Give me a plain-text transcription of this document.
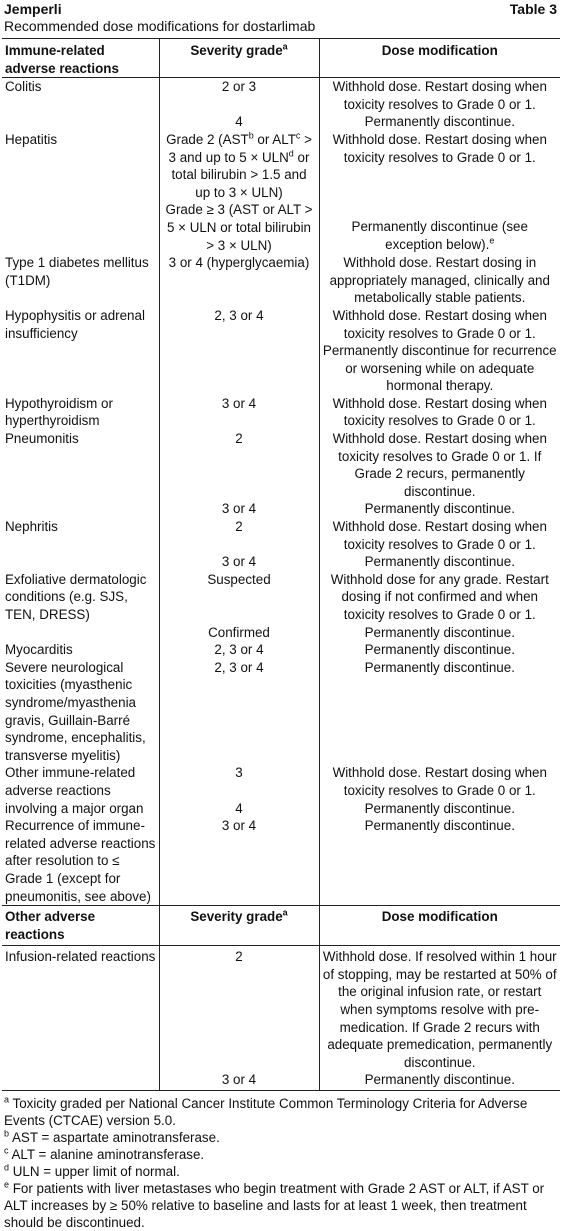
Jemperli	Table 3
Recommended dose modifications for dostarlimab
Immune-related adverse reactions	Severity grade$^a$	Dose modification
Colitis	2 or 3	Withhold dose. Restart dosing when toxicity resolves to Grade 0 or 1.
	4	Permanently discontinue.
Hepatitis	Grade 2 (AST$^b$ or $ALT^c > 3$ and up to $5 \times ULN^d$ or total bilirubin > 1.5 and up to 3 × ULN)	Withhold dose. Restart dosing when toxicity resolves to Grade 0 or 1.
	Grade ≥ 3 (AST or ALT > 5 × ULN or total bilirubin > 3 × ULN)	Permanently discontinue (see exception below).$^e$
Type 1 diabetes mellitus (T1DM)	3 or 4 (hyperglycaemia)	Withhold dose. Restart dosing in appropriately managed, clinically and metabolically stable patients.
Hypophysitis or adrenal insufficiency	2, 3 or 4	Withhold dose. Restart dosing when toxicity resolves to Grade 0 or 1. Permanently discontinue for recurrence or worsening while on adequate hormonal therapy.
Hypothyroidism or hyperthyroidism	3 or 4	Withhold dose. Restart dosing when toxicity resolves to Grade 0 or 1.
Pneumonitis	2	Withhold dose. Restart dosing when toxicity resolves to Grade 0 or 1. If Grade 2 recurs, permanently discontinue.
	3 or 4	Permanently discontinue.
Nephritis	2	Withhold dose. Restart dosing when toxicity resolves to Grade 0 or 1.
	3 or 4	Permanently discontinue.
Exfoliative dermatologic conditions (e.g. SJS, TEN, DRESS)	Suspected	Withhold dose for any grade. Restart dosing if not confirmed and when toxicity resolves to Grade 0 or 1.
	Confirmed	Permanently discontinue.
Myocarditis	2, 3 or 4	Permanently discontinue.
Severe neurological toxicities (myasthenic syndrome/myasthenia gravis, Guillain-Barré syndrome, encephalitis, transverse myelitis)	2, 3 or 4	Permanently discontinue.
Other immune-related adverse reactions involving a major organ	3	Withhold dose. Restart dosing when toxicity resolves to Grade 0 or 1.
	4	Permanently discontinue.
Recurrence of immune-related adverse reactions after resolution to ≤ Grade 1 (except for pneumonitis, see above)	3 or 4	Permanently discontinue.
Other adverse reactions	Severity grade$^a$	Dose modification
Infusion-related reactions	2	Withhold dose. If resolved within 1 hour of stopping, may be restarted at 50% of the original infusion rate, or restart when symptoms resolve with pre-medication. If Grade 2 recurs with adequate premedication, permanently discontinue.
	3 or 4	Permanently discontinue.
$^a$ Toxicity graded per National Cancer Institute Common Terminology Criteria for Adverse Events (CTCAE) version 5.0.
$^b$ AST = aspartate aminotransferase.
$^c$ ALT = alanine aminotransferase.
$^d$ ULN = upper limit of normal.
$^e$ For patients with liver metastases who begin treatment with Grade 2 AST or ALT, if AST or ALT increases by ≥ 50% relative to baseline and lasts for at least 1 week, then treatment should be discontinued.
